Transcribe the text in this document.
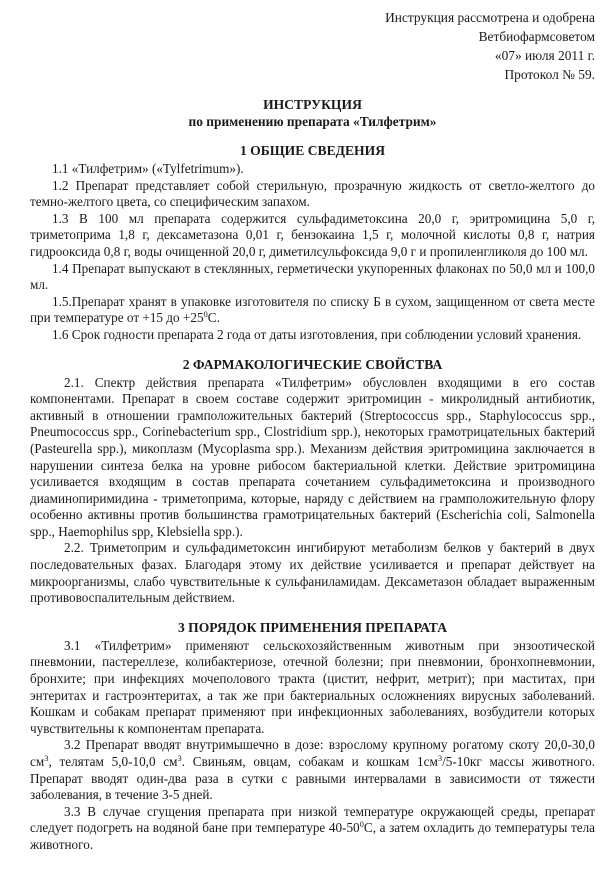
Инструкция рассмотрена и одобрена
Ветбиофармсоветом
«07» июля 2011 г.
Протокол № 59.
ИНСТРУКЦИЯ
по применению препарата «Тилфетрим»
1 ОБЩИЕ СВЕДЕНИЯ

1.1 «Тилфетрим» («Tylfetrimum»).

1.2 Препарат представляет собой стерильную, прозрачную жидкость от светло-желтого до темно-желтого цвета, со специфическим запахом.

1.3 В 100 мл препарата содержится сульфадиметоксина 20,0 г, эритромицина 5,0 г, триметоприма 1,8 г, дексаметазона 0,01 г, бензокаина 1,5 г, молочной кислоты 0,8 г, натрия гидрооксида 0,8 г, воды очищенной 20,0 г, диметилсульфоксида 9,0 г и пропиленгликоля до 100 мл.

1.4 Препарат выпускают в стеклянных, герметически укупоренных флаконах по 50,0 мл и 100,0 мл.

1.5.Препарат хранят в упаковке изготовителя по списку Б в сухом, защищенном от света месте при температуре от +15 до $+25^0С$.

1.6 Срок годности препарата 2 года от даты изготовления, при соблюдении условий хранения.

2 ФАРМАКОЛОГИЧЕСКИЕ СВОЙСТВА

2.1. Спектр действия препарата «Тилфетрим» обусловлен входящими в его состав компонентами. Препарат в своем составе содержит эритромицин - микролидный антибиотик, активный в отношении грамположительных бактерий (Streptococcus spp., Staphylococcus spp., Pneumococcus spp., Corinebacterium spp., Clostridium spp.), некоторых грамотрицательных бактерий (Pasteurella spp.), микоплазм (Mycoplasma spp.). Механизм действия эритромицина заключается в нарушении синтеза белка на уровне рибосом бактериальной клетки. Действие эритромицина усиливается входящим в состав препарата сочетанием сульфадиметоксина и производного диаминопиримидина - триметоприма, которые, наряду с действием на грамположительную флору особенно активны против большинства грамотрицательных бактерий (Escherichia coli, Salmonella spp., Haemophilus spp, Klebsiella spp.).

2.2. Триметоприм и сульфадиметоксин ингибируют метаболизм белков у бактерий в двух последовательных фазах. Благодаря этому их действие усиливается и препарат действует на микроорганизмы, слабо чувствительные к сульфаниламидам. Дексаметазон обладает выраженным противовоспалительным действием.

3 ПОРЯДОК ПРИМЕНЕНИЯ ПРЕПАРАТА

3.1 «Тилфетрим» применяют сельскохозяйственным животным при энзоотической пневмонии, пастереллезе, колибактериозе, отечной болезни; при пневмонии, бронхопневмонии, бронхите; при инфекциях мочеполового тракта (цистит, нефрит, метрит); при маститах, при энтеритах и гастроэнтеритах, а так же при бактериальных осложнениях вирусных заболеваний. Кошкам и собакам препарат применяют при инфекционных заболеваниях, возбудители которых чувствительны к компонентам препарата.

3.2 Препарат вводят внутримышечно в дозе: взрослому крупному рогатому скоту 20,0-30,0 $см^3$, телятам 5,0-10,0 $см^3$. Свиньям, овцам, собакам и кошкам $1см^3/5-10кг$ массы животного. Препарат вводят один-два раза в сутки с равными интервалами в зависимости от тяжести заболевания, в течение 3-5 дней.

3.3 В случае сгущения препарата при низкой температуре окружающей среды, препарат следует подогреть на водяной бане при температуре $40-50^0С$, а затем охладить до температуры тела животного.
